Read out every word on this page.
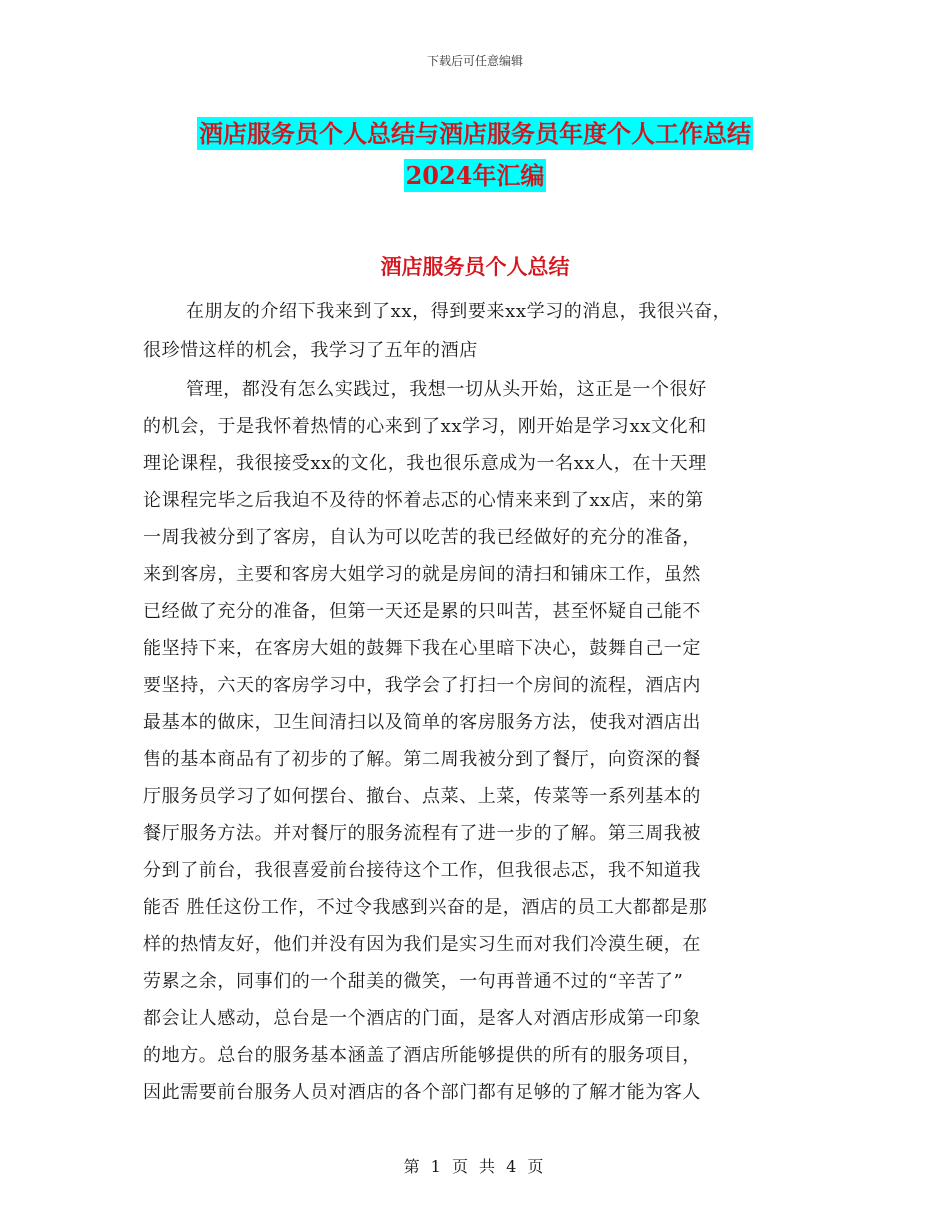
下载后可任意编辑
酒店服务员个人总结与酒店服务员年度个人工作总结
2024年汇编
酒店服务员个人总结
在朋友的介绍下我来到了xx，得到要来xx学习的消息，我很兴奋，
很珍惜这样的机会，我学习了五年的酒店
管理，都没有怎么实践过，我想一切从头开始，这正是一个很好
的机会，于是我怀着热情的心来到了xx学习，刚开始是学习xx文化和
理论课程，我很接受xx的文化，我也很乐意成为一名xx人，在十天理
论课程完毕之后我迫不及待的怀着忐忑的心情来来到了xx店，来的第
一周我被分到了客房，自认为可以吃苦的我已经做好的充分的准备，
来到客房，主要和客房大姐学习的就是房间的清扫和铺床工作，虽然
已经做了充分的准备，但第一天还是累的只叫苦，甚至怀疑自己能不
能坚持下来，在客房大姐的鼓舞下我在心里暗下决心，鼓舞自己一定
要坚持，六天的客房学习中，我学会了打扫一个房间的流程，酒店内
最基本的做床，卫生间清扫以及简单的客房服务方法，使我对酒店出
售的基本商品有了初步的了解。第二周我被分到了餐厅，向资深的餐
厅服务员学习了如何摆台、撤台、点菜、上菜，传菜等一系列基本的
餐厅服务方法。并对餐厅的服务流程有了进一步的了解。第三周我被
分到了前台，我很喜爱前台接待这个工作，但我很忐忑，我不知道我
能否 胜任这份工作，不过令我感到兴奋的是，酒店的员工大都都是那
样的热情友好，他们并没有因为我们是实习生而对我们冷漠生硬，在
劳累之余，同事们的一个甜美的微笑，一句再普通不过的“辛苦了”
都会让人感动，总台是一个酒店的门面，是客人对酒店形成第一印象
的地方。总台的服务基本涵盖了酒店所能够提供的所有的服务项目，
因此需要前台服务人员对酒店的各个部门都有足够的了解才能为客人
第 1 页 共 4 页
